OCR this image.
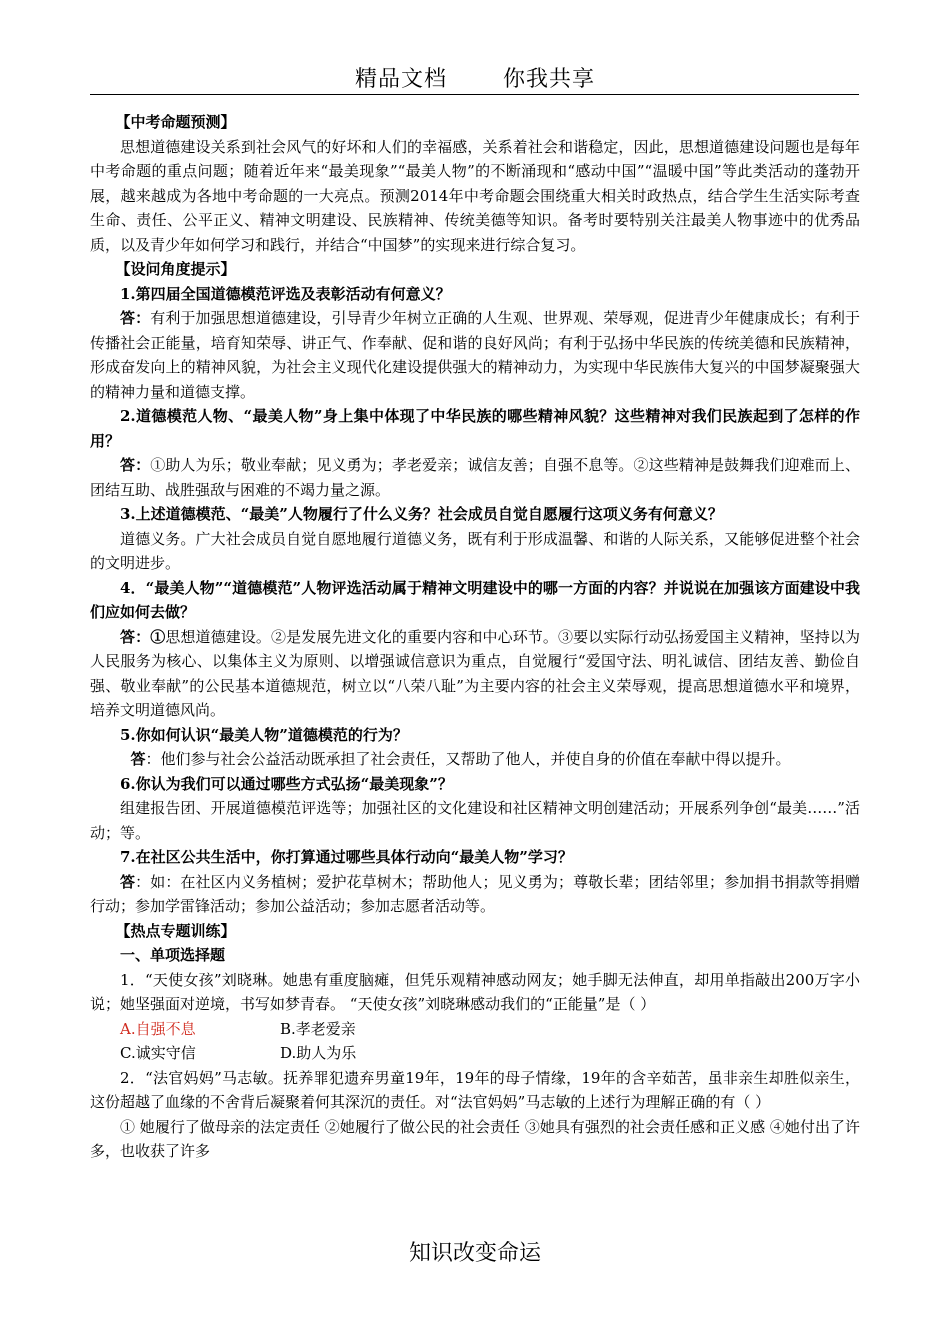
精品文档	你我共享

【中考命题预测】

思想道德建设关系到社会风气的好坏和人们的幸福感，关系着社会和谐稳定，因此，思想道德建设问题也是每年中考命题的重点问题；随着近年来“最美现象”“最美人物”的不断涌现和“感动中国”“温暖中国”等此类活动的蓬勃开展，越来越成为各地中考命题的一大亮点。预测2014年中考命题会围绕重大相关时政热点，结合学生生活实际考查生命、责任、公平正义、精神文明建设、民族精神、传统美德等知识。备考时要特别关注最美人物事迹中的优秀品质，以及青少年如何学习和践行，并结合“中国梦”的实现来进行综合复习。

【设问角度提示】

1.第四届全国道德模范评选及表彰活动有何意义？

答：有利于加强思想道德建设，引导青少年树立正确的人生观、世界观、荣辱观，促进青少年健康成长；有利于传播社会正能量，培育知荣辱、讲正气、作奉献、促和谐的良好风尚；有利于弘扬中华民族的传统美德和民族精神，形成奋发向上的精神风貌，为社会主义现代化建设提供强大的精神动力，为实现中华民族伟大复兴的中国梦凝聚强大的精神力量和道德支撑。

2.道德模范人物、“最美人物”身上集中体现了中华民族的哪些精神风貌？这些精神对我们民族起到了怎样的作用？

答：①助人为乐；敬业奉献；见义勇为；孝老爱亲；诚信友善；自强不息等。②这些精神是鼓舞我们迎难而上、团结互助、战胜强敌与困难的不竭力量之源。

3.上述道德模范、“最美”人物履行了什么义务？社会成员自觉自愿履行这项义务有何意义？

道德义务。广大社会成员自觉自愿地履行道德义务，既有利于形成温馨、和谐的人际关系，又能够促进整个社会的文明进步。

4．“最美人物”“道德模范”人物评选活动属于精神文明建设中的哪一方面的内容？并说说在加强该方面建设中我们应如何去做？

答：①思想道德建设。②是发展先进文化的重要内容和中心环节。③要以实际行动弘扬爱国主义精神，坚持以为人民服务为核心、以集体主义为原则、以增强诚信意识为重点，自觉履行“爱国守法、明礼诚信、团结友善、勤俭自强、敬业奉献”的公民基本道德规范，树立以“八荣八耻”为主要内容的社会主义荣辱观，提高思想道德水平和境界，培养文明道德风尚。

5.你如何认识“最美人物”道德模范的行为？

答：他们参与社会公益活动既承担了社会责任，又帮助了他人，并使自身的价值在奉献中得以提升。

6.你认为我们可以通过哪些方式弘扬“最美现象”？

组建报告团、开展道德模范评选等；加强社区的文化建设和社区精神文明创建活动；开展系列争创“最美……”活动；等。

7.在社区公共生活中，你打算通过哪些具体行动向“最美人物”学习？

答：如：在社区内义务植树；爱护花草树木；帮助他人；见义勇为；尊敬长辈；团结邻里；参加捐书捐款等捐赠行动；参加学雷锋活动；参加公益活动；参加志愿者活动等。

【热点专题训练】

一、单项选择题

1．“天使女孩”刘晓琳。她患有重度脑瘫，但凭乐观精神感动网友；她手脚无法伸直，却用单指敲出200万字小说；她坚强面对逆境，书写如梦青春。 “天使女孩”刘晓琳感动我们的“正能量”是（ ）

A.自强不息	B.孝老爱亲
C.诚实守信	D.助人为乐

2．“法官妈妈”马志敏。抚养罪犯遗弃男童19年，19年的母子情缘，19年的含辛茹苦，虽非亲生却胜似亲生，这份超越了血缘的不舍背后凝聚着何其深沉的责任。对“法官妈妈”马志敏的上述行为理解正确的有（ ）

① 她履行了做母亲的法定责任 ②她履行了做公民的社会责任 ③她具有强烈的社会责任感和正义感 ④她付出了许多，也收获了许多

知识改变命运
